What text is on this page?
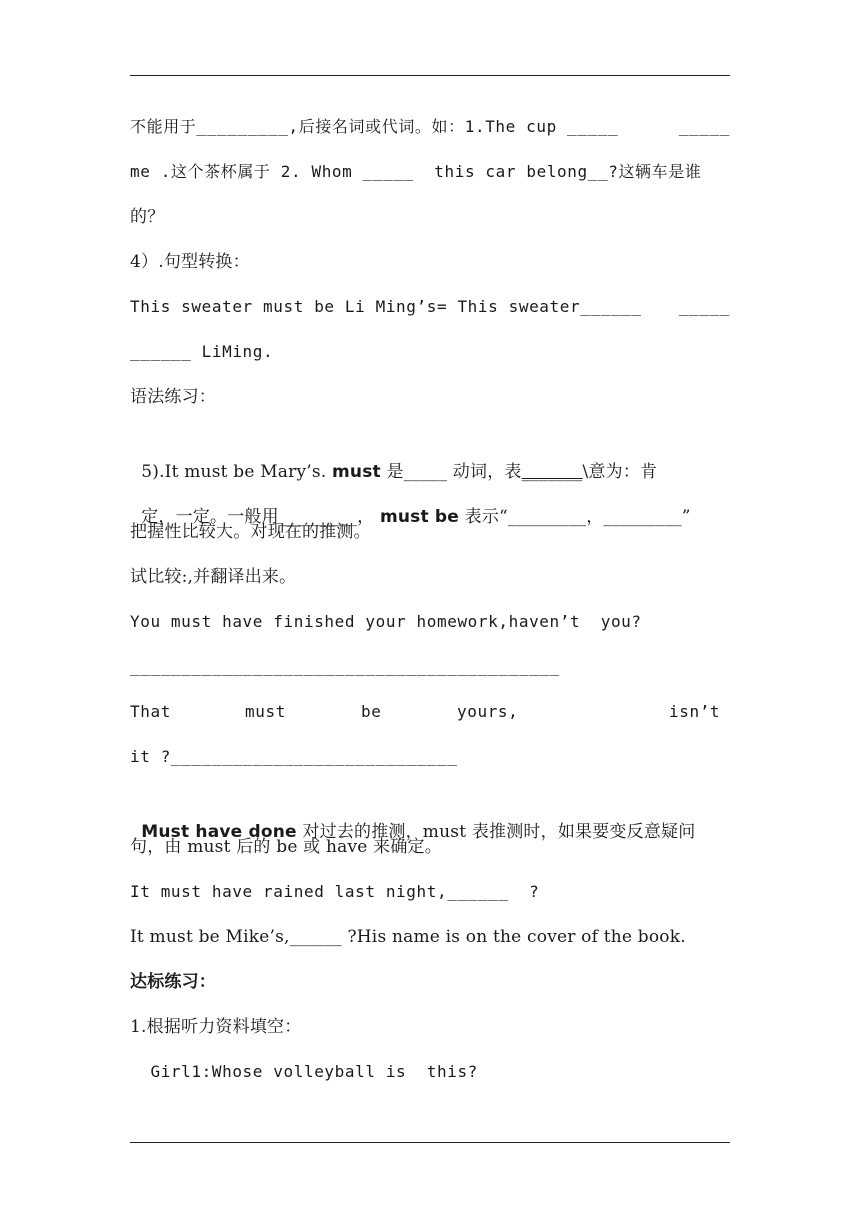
不能用于_________,后接名词或代词。如：1.The cup _____	_____
me .这个茶杯属于 2. Whom _____  this car belong__?这辆车是谁
的？
4）.句型转换：
This sweater must be Li Ming’s= This sweater______ _____
______ LiMing.
语法练习：

5).It must be Mary’s. must 是_____ 动词，表_______\意为：肯

定，一定。一般用_________， must be 表示“_________，_________”

把握性比较大。对现在的推测。
试比较:,并翻译出来。
You must have finished your homework,haven’t  you?
__________________________________________

That

	must

	be

	yours,

	isn’t

it ?____________________________

Must have done 对过去的推测，must 表推测时，如果要变反意疑问

句，由 must 后的 be 或 have 来确定。
It must have rained last night,______  ?
It must be Mike’s,______ ?His name is on the cover of the book.
达标练习：
1.根据听力资料填空：
Girl1:Whose volleyball is  this?
